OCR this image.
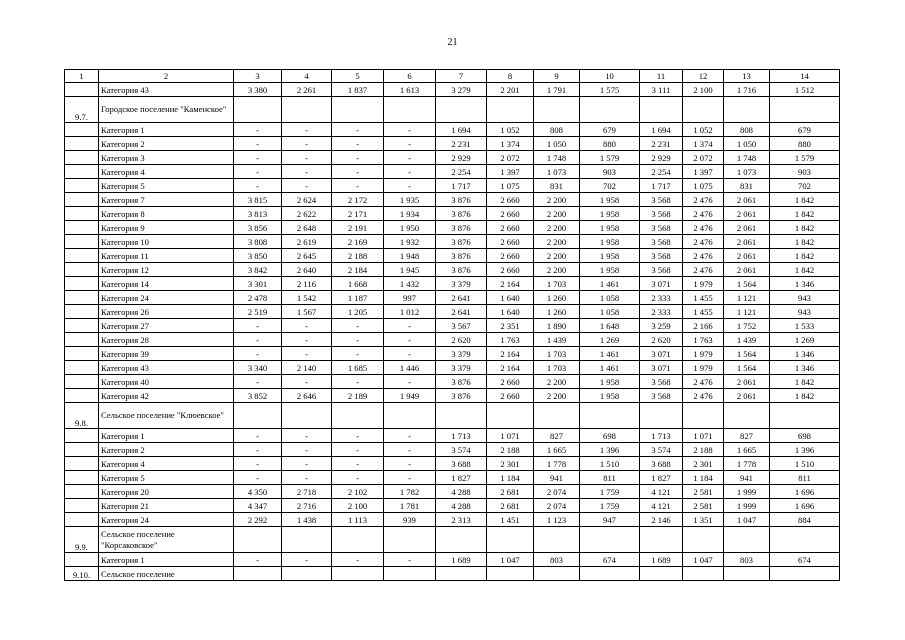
21
1	2	3	4	5	6	7	8	9	10	11	12	13	14
	Категория 43	3 380	2 261	1 837	1 613	3 279	2 201	1 791	1 575	3 111	2 100	1 716	1 512
9.7.	Городское поселение "Каменское"												
	Категория 1	-	-	-	-	1 694	1 052	808	679	1 694	1 052	808	679
	Категория 2	-	-	-	-	2 231	1 374	1 050	880	2 231	1 374	1 050	880
	Категория 3	-	-	-	-	2 929	2 072	1 748	1 579	2 929	2 072	1 748	1 579
	Категория 4	-	-	-	-	2 254	1 397	1 073	903	2 254	1 397	1 073	903
	Категория 5	-	-	-	-	1 717	1 075	831	702	1 717	1 075	831	702
	Категория 7	3 815	2 624	2 172	1 935	3 876	2 660	2 200	1 958	3 568	2 476	2 061	1 842
	Категория 8	3 813	2 622	2 171	1 934	3 876	2 660	2 200	1 958	3 568	2 476	2 061	1 842
	Категория 9	3 856	2 648	2 191	1 950	3 876	2 660	2 200	1 958	3 568	2 476	2 061	1 842
	Категория 10	3 808	2 619	2 169	1 932	3 876	2 660	2 200	1 958	3 568	2 476	2 061	1 842
	Категория 11	3 850	2 645	2 188	1 948	3 876	2 660	2 200	1 958	3 568	2 476	2 061	1 842
	Категория 12	3 842	2 640	2 184	1 945	3 876	2 660	2 200	1 958	3 568	2 476	2 061	1 842
	Категория 14	3 301	2 116	1 668	1 432	3 379	2 164	1 703	1 461	3 071	1 979	1 564	1 346
	Категория 24	2 478	1 542	1 187	997	2 641	1 640	1 260	1 058	2 333	1 455	1 121	943
	Категория 26	2 519	1 567	1 205	1 012	2 641	1 640	1 260	1 058	2 333	1 455	1 121	943
	Категория 27	-	-	-	-	3 567	2 351	1 890	1 648	3 259	2 166	1 752	1 533
	Категория 28	-	-	-	-	2 620	1 763	1 439	1 269	2 620	1 763	1 439	1 269
	Категория 39	-	-	-	-	3 379	2 164	1 703	1 461	3 071	1 979	1 564	1 346
	Категория 43	3 340	2 140	1 685	1 446	3 379	2 164	1 703	1 461	3 071	1 979	1 564	1 346
	Категория 40	-	-	-	-	3 876	2 660	2 200	1 958	3 568	2 476	2 061	1 842
	Категория 42	3 852	2 646	2 189	1 949	3 876	2 660	2 200	1 958	3 568	2 476	2 061	1 842
9.8.	Сельское поселение "Клюевское"												
	Категория 1	-	-	-	-	1 713	1 071	827	698	1 713	1 071	827	698
	Категория 2	-	-	-	-	3 574	2 188	1 665	1 396	3 574	2 188	1 665	1 396
	Категория 4	-	-	-	-	3 688	2 301	1 778	1 510	3 688	2 301	1 778	1 510
	Категория 5	-	-	-	-	1 827	1 184	941	811	1 827	1 184	941	811
	Категория 20	4 350	2 718	2 102	1 782	4 288	2 681	2 074	1 759	4 121	2 581	1 999	1 696
	Категория 21	4 347	2 716	2 100	1 781	4 288	2 681	2 074	1 759	4 121	2 581	1 999	1 696
	Категория 24	2 292	1 438	1 113	939	2 313	1 451	1 123	947	2 146	1 351	1 047	884
9.9.	Сельское поселение "Корсаковское"												
	Категория 1	-	-	-	-	1 689	1 047	803	674	1 689	1 047	803	674
9.10.	Сельское поселение												
